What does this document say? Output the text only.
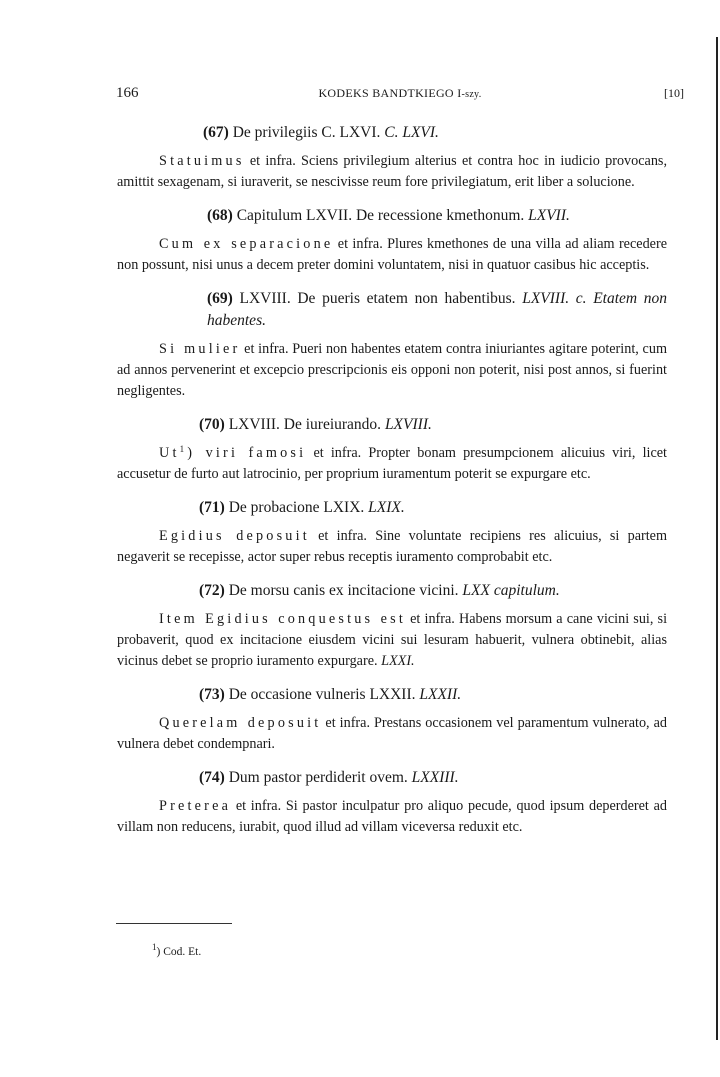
166	KODEKS BANDTKIEGO I-szy.	[10]

(67) De privilegiis C. LXVI. C. LXVI.

Statuimus et infra. Sciens privilegium alterius et contra hoc in iudicio provocans, amittit sexagenam, si iuraverit, se nescivisse reum fore privilegiatum, erit liber a solucione.

(68) Capitulum LXVII. De recessione kmethonum. LXVII.

Cum ex separacione et infra. Plures kmethones de una villa ad aliam recedere non possunt, nisi unus a decem preter domini voluntatem, nisi in quatuor casibus hic acceptis.

(69) LXVIII. De pueris etatem non habentibus. LXVIII. c. Etatem non habentes.

Si mulier et infra. Pueri non habentes etatem contra iniuriantes agitare poterint, cum ad annos pervenerint et excepcio prescripcionis eis opponi non poterit, nisi post annos, si fuerint negligentes.

(70) LXVIII. De iureiurando. LXVIII.

Ut$^1$) viri famosi et infra. Propter bonam presumpcionem alicuius viri, licet accusetur de furto aut latrocinio, per proprium iuramentum poterit se expurgare etc.

(71) De probacione LXIX. LXIX.

Egidius deposuit et infra. Sine voluntate recipiens res alicuius, si partem negaverit se recepisse, actor super rebus receptis iuramento comprobabit etc.

(72) De morsu canis ex incitacione vicini. LXX capitulum.

Item Egidius conquestus est et infra. Habens morsum a cane vicini sui, si probaverit, quod ex incitacione eiusdem vicini sui lesuram habuerit, vulnera obtinebit, alias vicinus debet se proprio iuramento expurgare. LXXI.

(73) De occasione vulneris LXXII. LXXII.

Querelam deposuit et infra. Prestans occasionem vel paramentum vulnerato, ad vulnera debet condempnari.

(74) Dum pastor perdiderit ovem. LXXIII.

Preterea et infra. Si pastor inculpatur pro aliquo pecude, quod ipsum deperderet ad villam non reducens, iurabit, quod illud ad villam viceversa reduxit etc.

$^1$) Cod. Et.
